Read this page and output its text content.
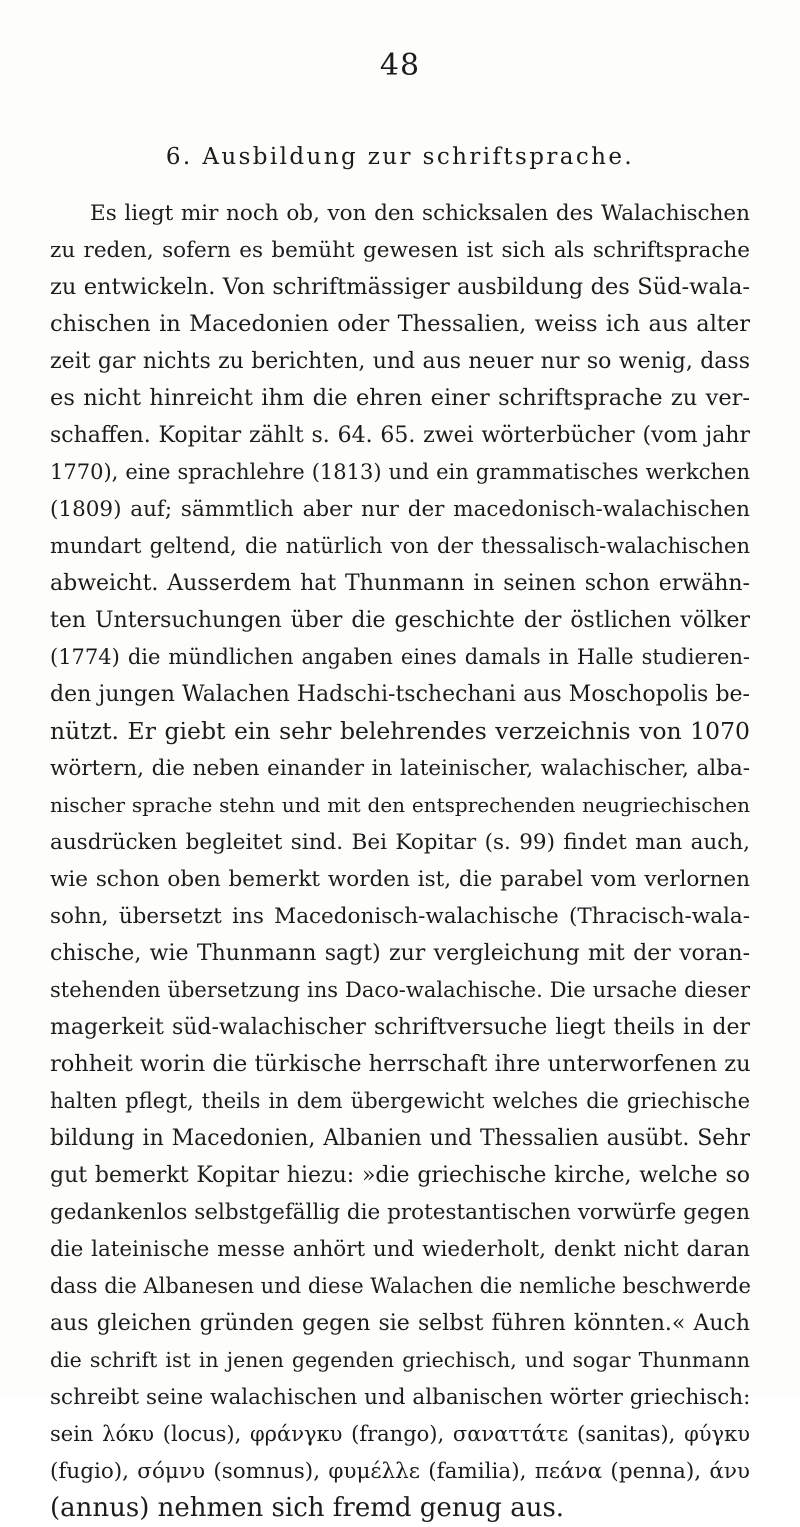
48
6. Ausbildung zur schriftsprache.
Es liegt mir noch ob, von den schicksalen des Walachischen
zu reden, sofern es bemüht gewesen ist sich als schriftsprache
zu entwickeln. Von schriftmässiger ausbildung des Süd-wala-
chischen in Macedonien oder Thessalien, weiss ich aus alter
zeit gar nichts zu berichten, und aus neuer nur so wenig, dass
es nicht hinreicht ihm die ehren einer schriftsprache zu ver-
schaffen. Kopitar zählt s. 64. 65. zwei wörterbücher (vom jahr
1770), eine sprachlehre (1813) und ein grammatisches werkchen
(1809) auf; sämmtlich aber nur der macedonisch-walachischen
mundart geltend, die natürlich von der thessalisch-walachischen
abweicht. Ausserdem hat Thunmann in seinen schon erwähn-
ten Untersuchungen über die geschichte der östlichen völker
(1774) die mündlichen angaben eines damals in Halle studieren-
den jungen Walachen Hadschi-tschechani aus Moschopolis be-
nützt. Er giebt ein sehr belehrendes verzeichnis von 1070
wörtern, die neben einander in lateinischer, walachischer, alba-
nischer sprache stehn und mit den entsprechenden neugriechischen
ausdrücken begleitet sind. Bei Kopitar (s. 99) findet man auch,
wie schon oben bemerkt worden ist, die parabel vom verlornen
sohn, übersetzt ins Macedonisch-walachische (Thracisch-wala-
chische, wie Thunmann sagt) zur vergleichung mit der voran-
stehenden übersetzung ins Daco-walachische. Die ursache dieser
magerkeit süd-walachischer schriftversuche liegt theils in der
rohheit worin die türkische herrschaft ihre unterworfenen zu
halten pflegt, theils in dem übergewicht welches die griechische
bildung in Macedonien, Albanien und Thessalien ausübt. Sehr
gut bemerkt Kopitar hiezu: »die griechische kirche, welche so
gedankenlos selbstgefällig die protestantischen vorwürfe gegen
die lateinische messe anhört und wiederholt, denkt nicht daran
dass die Albanesen und diese Walachen die nemliche beschwerde
aus gleichen gründen gegen sie selbst führen könnten.« Auch
die schrift ist in jenen gegenden griechisch, und sogar Thunmann
schreibt seine walachischen und albanischen wörter griechisch:
sein λόκυ (locus), φράνγκυ (frango), σαναττάτε (sanitas), φύγκυ
(fugio), σόμνυ (somnus), φυμέλλε (familia), πεάνα (penna), άνυ
(annus) nehmen sich fremd genug aus.
